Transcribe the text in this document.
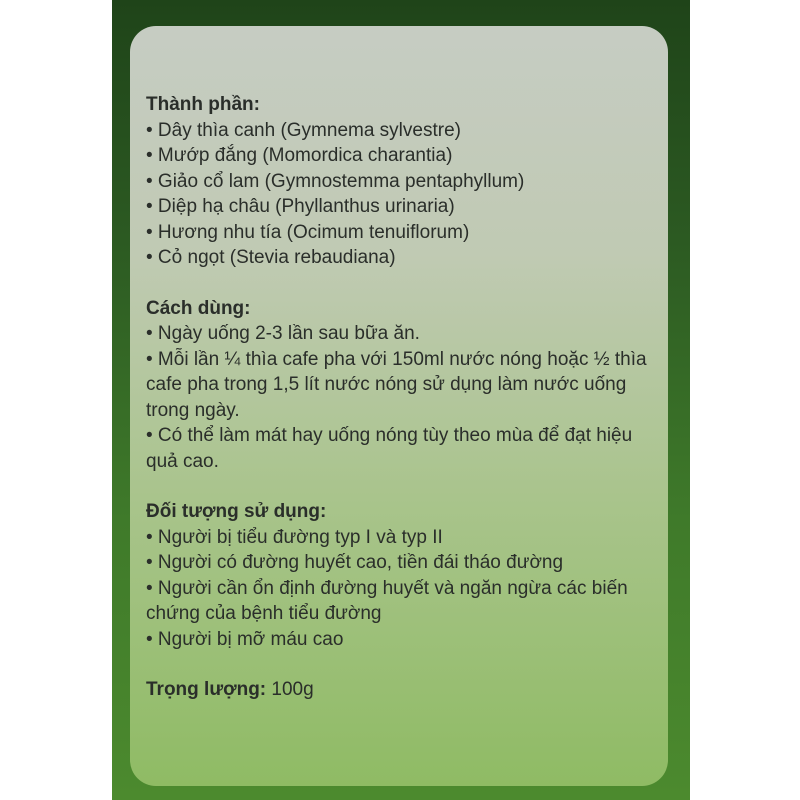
Thành phần:

• Dây thìa canh (Gymnema sylvestre)
• Mướp đắng (Momordica charantia)
• Giảo cổ lam (Gymnostemma pentaphyllum)
• Diệp hạ châu (Phyllanthus urinaria)
• Hương nhu tía (Ocimum tenuiflorum)
• Cỏ ngọt (Stevia rebaudiana)

Cách dùng:

• Ngày uống 2-3 lần sau bữa ăn.
• Mỗi lần ¼ thìa cafe pha với 150ml nước nóng hoặc ½ thìa cafe pha trong 1,5 lít nước nóng sử dụng làm nước uống trong ngày.
• Có thể làm mát hay uống nóng tùy theo mùa để đạt hiệu quả cao.

Đối tượng sử dụng:

• Người bị tiểu đường typ I và typ II
• Người có đường huyết cao, tiền đái tháo đường
• Người cần ổn định đường huyết và ngăn ngừa các biến chứng của bệnh tiểu đường
• Người bị mỡ máu cao

Trọng lượng: 100g
